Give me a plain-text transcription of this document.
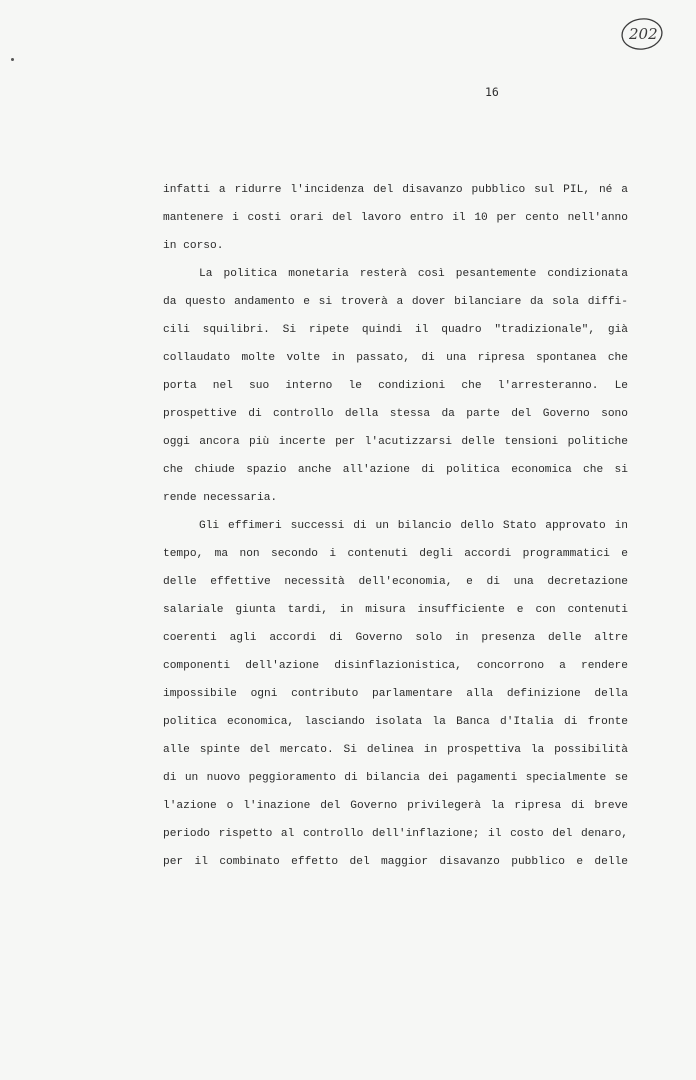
202

16

infatti a ridurre l'incidenza del disavanzo pubblico sul PIL, né a
mantenere i costi orari del lavoro entro il 10 per cento nell'anno
in corso.
La politica monetaria resterà così pesantemente condizionata
da questo andamento e si troverà a dover bilanciare da sola diffi-
cili squilibri. Si ripete quindi il quadro "tradizionale", già
collaudato molte volte in passato, di una ripresa spontanea che
porta nel suo interno le condizioni che l'arresteranno. Le
prospettive di controllo della stessa da parte del Governo sono
oggi ancora più incerte per l'acutizzarsi delle tensioni politiche
che chiude spazio anche all'azione di politica economica che si
rende necessaria.
Gli effimeri successi di un bilancio dello Stato approvato in
tempo, ma non secondo i contenuti degli accordi programmatici e
delle effettive necessità dell'economia, e di una decretazione
salariale giunta tardi, in misura insufficiente e con contenuti
coerenti agli accordi di Governo solo in presenza delle altre
componenti dell'azione disinflazionistica, concorrono a rendere
impossibile ogni contributo parlamentare alla definizione della
politica economica, lasciando isolata la Banca d'Italia di fronte
alle spinte del mercato. Si delinea in prospettiva la possibilità
di un nuovo peggioramento di bilancia dei pagamenti specialmente se
l'azione o l'inazione del Governo privilegerà la ripresa di breve
periodo rispetto al controllo dell'inflazione; il costo del denaro,
per il combinato effetto del maggior disavanzo pubblico e delle
